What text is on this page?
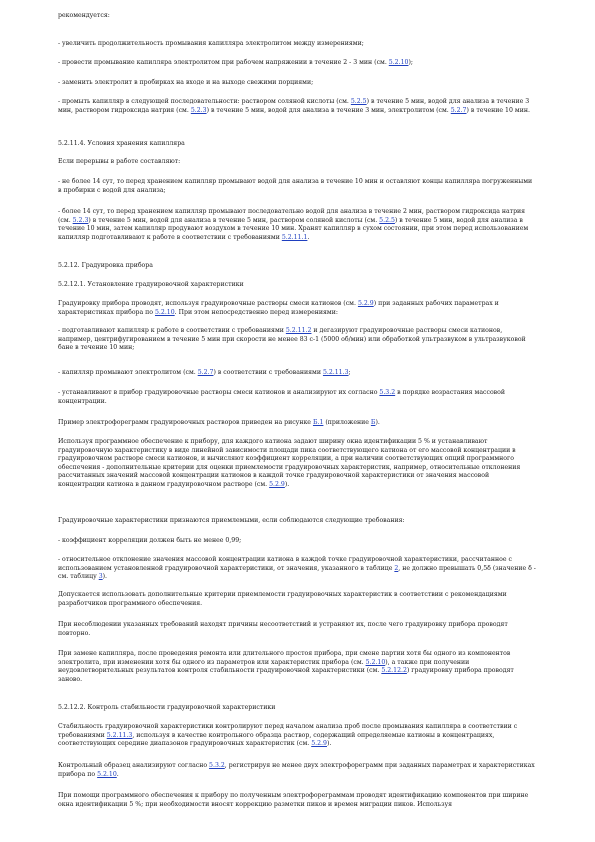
рекомендуется:

- увеличить продолжительность промывания капилляра электролитом между измерениями;

- провести промывание капилляра электролитом при рабочем напряжении в течение 2 - 3 мин (см. 5.2.10);

- заменить электролит в пробирках на входе и на выходе свежими порциями;

- промыть капилляр в следующей последовательности: раствором соляной кислоты (см. 5.2.5) в течение 5 мин, водой для анализа в течение 3 мин, раствором гидроксида натрия (см. 5.2.3) в течение 5 мин, водой для анализа в течение 3 мин, электролитом (см. 5.2.7) в течение 10 мин.

5.2.11.4. Условия хранения капилляра

Если перерывы в работе составляют:

- не более 14 сут, то перед хранением капилляр промывают водой для анализа в течение 10 мин и оставляют концы капилляра погруженными в пробирки с водой для анализа;

- более 14 сут, то перед хранением капилляр промывают последовательно водой для анализа в течение 2 мин, раствором гидроксида натрия (см. 5.2.3) в течение 5 мин, водой для анализа в течение 5 мин, раствором соляной кислоты (см. 5.2.5) в течение 5 мин, водой для анализа в течение 10 мин, затем капилляр продувают воздухом в течение 10 мин. Хранят капилляр в сухом состоянии, при этом перед использованием капилляр подготавливают к работе в соответствии с требованиями 5.2.11.1.

5.2.12. Градуировка прибора

5.2.12.1. Установление градуировочной характеристики

Градуировку прибора проводят, используя градуировочные растворы смеси катионов (см. 5.2.9) при заданных рабочих параметрах и характеристиках прибора по 5.2.10. При этом непосредственно перед измерениями:

- подготавливают капилляр к работе в соответствии с требованиями 5.2.11.2 и дегазируют градуировочные растворы смеси катионов, например, центрифугированием в течение 5 мин при скорости не менее 83 с-1 (5000 об/мин) или обработкой ультразвуком в ультразвуковой бане в течение 10 мин;

- капилляр промывают электролитом (см. 5.2.7) в соответствии с требованиями 5.2.11.3;

- устанавливают в прибор градуировочные растворы смеси катионов и анализируют их согласно 5.3.2 в порядке возрастания массовой концентрации.

Пример электрофореграмм градуировочных растворов приведен на рисунке Б.1 (приложение Б).

Используя программное обеспечение к прибору, для каждого катиона задают ширину окна идентификации 5 % и устанавливают градуировочную характеристику в виде линейной зависимости площади пика соответствующего катиона от его массовой концентрации в градуировочном растворе смеси катионов, и вычисляют коэффициент корреляции, а при наличии соответствующих опций программного обеспечения - дополнительные критерии для оценки приемлемости градуировочных характеристик, например, относительные отклонения рассчитанных значений массовой концентрации катионов в каждой точке градуировочной характеристики от значения массовой концентрации катиона в данном градуировочном растворе (см. 5.2.9).

Градуировочные характеристики признаются приемлемыми, если соблюдаются следующие требования:

- коэффициент корреляции должен быть не менее 0,99;

- относительное отклонение значения массовой концентрации катиона в каждой точке градуировочной характеристики, рассчитанное с использованием установленной градуировочной характеристики, от значения, указанного в таблице 2, не должно превышать 0,5δ (значение δ - см. таблицу 3).

Допускается использовать дополнительные критерии приемлемости градуировочных характеристик в соответствии с рекомендациями разработчиков программного обеспечения.

При несоблюдении указанных требований находят причины несоответствий и устраняют их, после чего градуировку прибора проводят повторно.

При замене капилляра, после проведения ремонта или длительного простоя прибора, при смене партии хотя бы одного из компонентов электролита, при изменении хотя бы одного из параметров или характеристик прибора (см. 5.2.10), а также при получении неудовлетворительных результатов контроля стабильности градуировочной характеристики (см. 5.2.12.2) градуировку прибора проводят заново.

5.2.12.2. Контроль стабильности градуировочной характеристики

Стабильность градуировочной характеристики контролируют перед началом анализа проб после промывания капилляра в соответствии с требованиями 5.2.11.3, используя в качестве контрольного образца раствор, содержащий определяемые катионы в концентрациях, соответствующих середине диапазонов градуировочных характеристик (см. 5.2.9).

Контрольный образец анализируют согласно 5.3.2, регистрируя не менее двух электрофореграмм при заданных параметрах и характеристиках прибора по 5.2.10.

При помощи программного обеспечения к прибору по полученным электрофореграммам проводят идентификацию компонентов при ширине окна идентификации 5 %; при необходимости вносят коррекцию разметки пиков и времен миграции пиков. Используя
